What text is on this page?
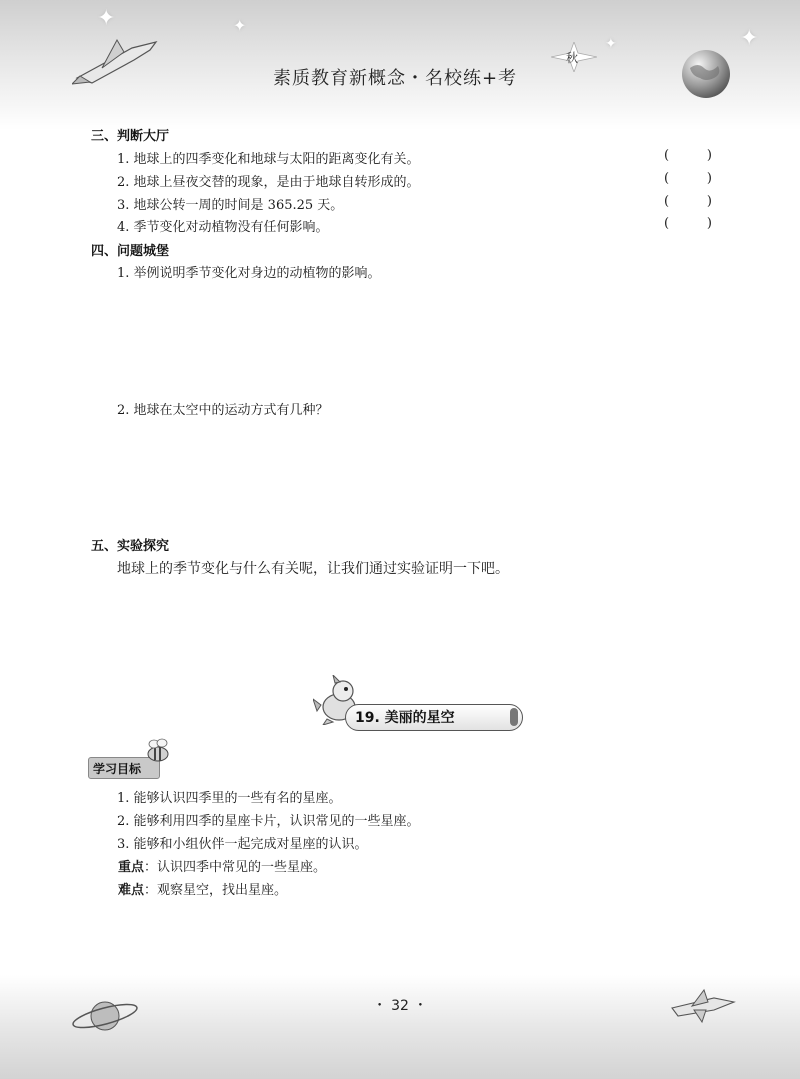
✦	✦
✦	✦
素质教育新概念・名校练+考
秋
三、判断大厅
1. 地球上的四季变化和地球与太阳的距离变化有关。	(	)
2. 地球上昼夜交替的现象，是由于地球自转形成的。	(	)
3. 地球公转一周的时间是 365.25 天。	(	)
4. 季节变化对动植物没有任何影响。	(	)
四、问题城堡
1. 举例说明季节变化对身边的动植物的影响。
2. 地球在太空中的运动方式有几种？
五、实验探究
地球上的季节变化与什么有关呢，让我们通过实验证明一下吧。
19. 美丽的星空
学习目标
1. 能够认识四季里的一些有名的星座。
2. 能够利用四季的星座卡片，认识常见的一些星座。
3. 能够和小组伙伴一起完成对星座的认识。
重点：认识四季中常见的一些星座。
难点：观察星空，找出星座。
・ 32 ・
